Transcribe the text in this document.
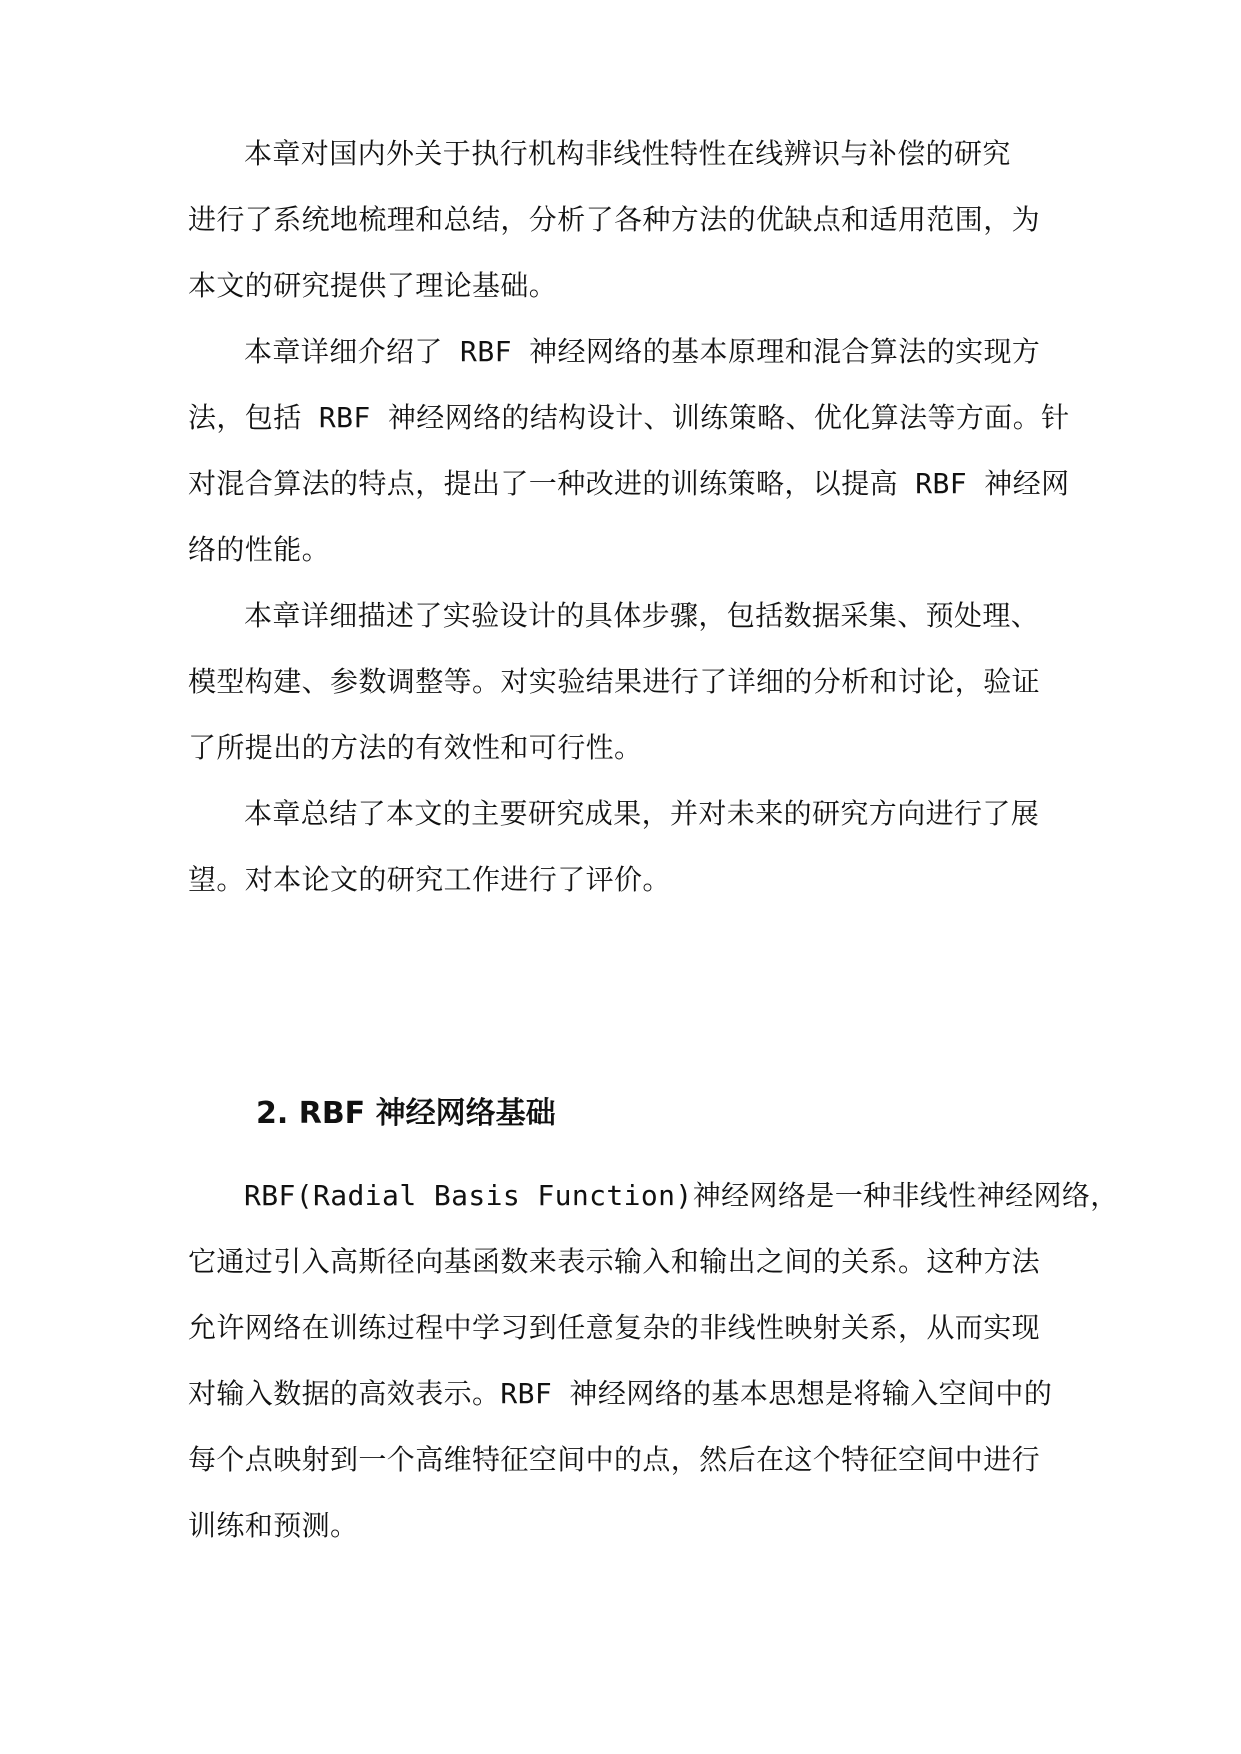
本章对国内外关于执行机构非线性特性在线辨识与补偿的研究
进行了系统地梳理和总结，分析了各种方法的优缺点和适用范围，为
本文的研究提供了理论基础。
本章详细介绍了 RBF 神经网络的基本原理和混合算法的实现方
法，包括 RBF 神经网络的结构设计、训练策略、优化算法等方面。针
对混合算法的特点，提出了一种改进的训练策略，以提高 RBF 神经网
络的性能。
本章详细描述了实验设计的具体步骤，包括数据采集、预处理、
模型构建、参数调整等。对实验结果进行了详细的分析和讨论，验证
了所提出的方法的有效性和可行性。
本章总结了本文的主要研究成果，并对未来的研究方向进行了展
望。对本论文的研究工作进行了评价。
2. RBF 神经网络基础
RBF(Radial Basis Function)神经网络是一种非线性神经网络，
它通过引入高斯径向基函数来表示输入和输出之间的关系。这种方法
允许网络在训练过程中学习到任意复杂的非线性映射关系，从而实现
对输入数据的高效表示。RBF 神经网络的基本思想是将输入空间中的
每个点映射到一个高维特征空间中的点，然后在这个特征空间中进行
训练和预测。
